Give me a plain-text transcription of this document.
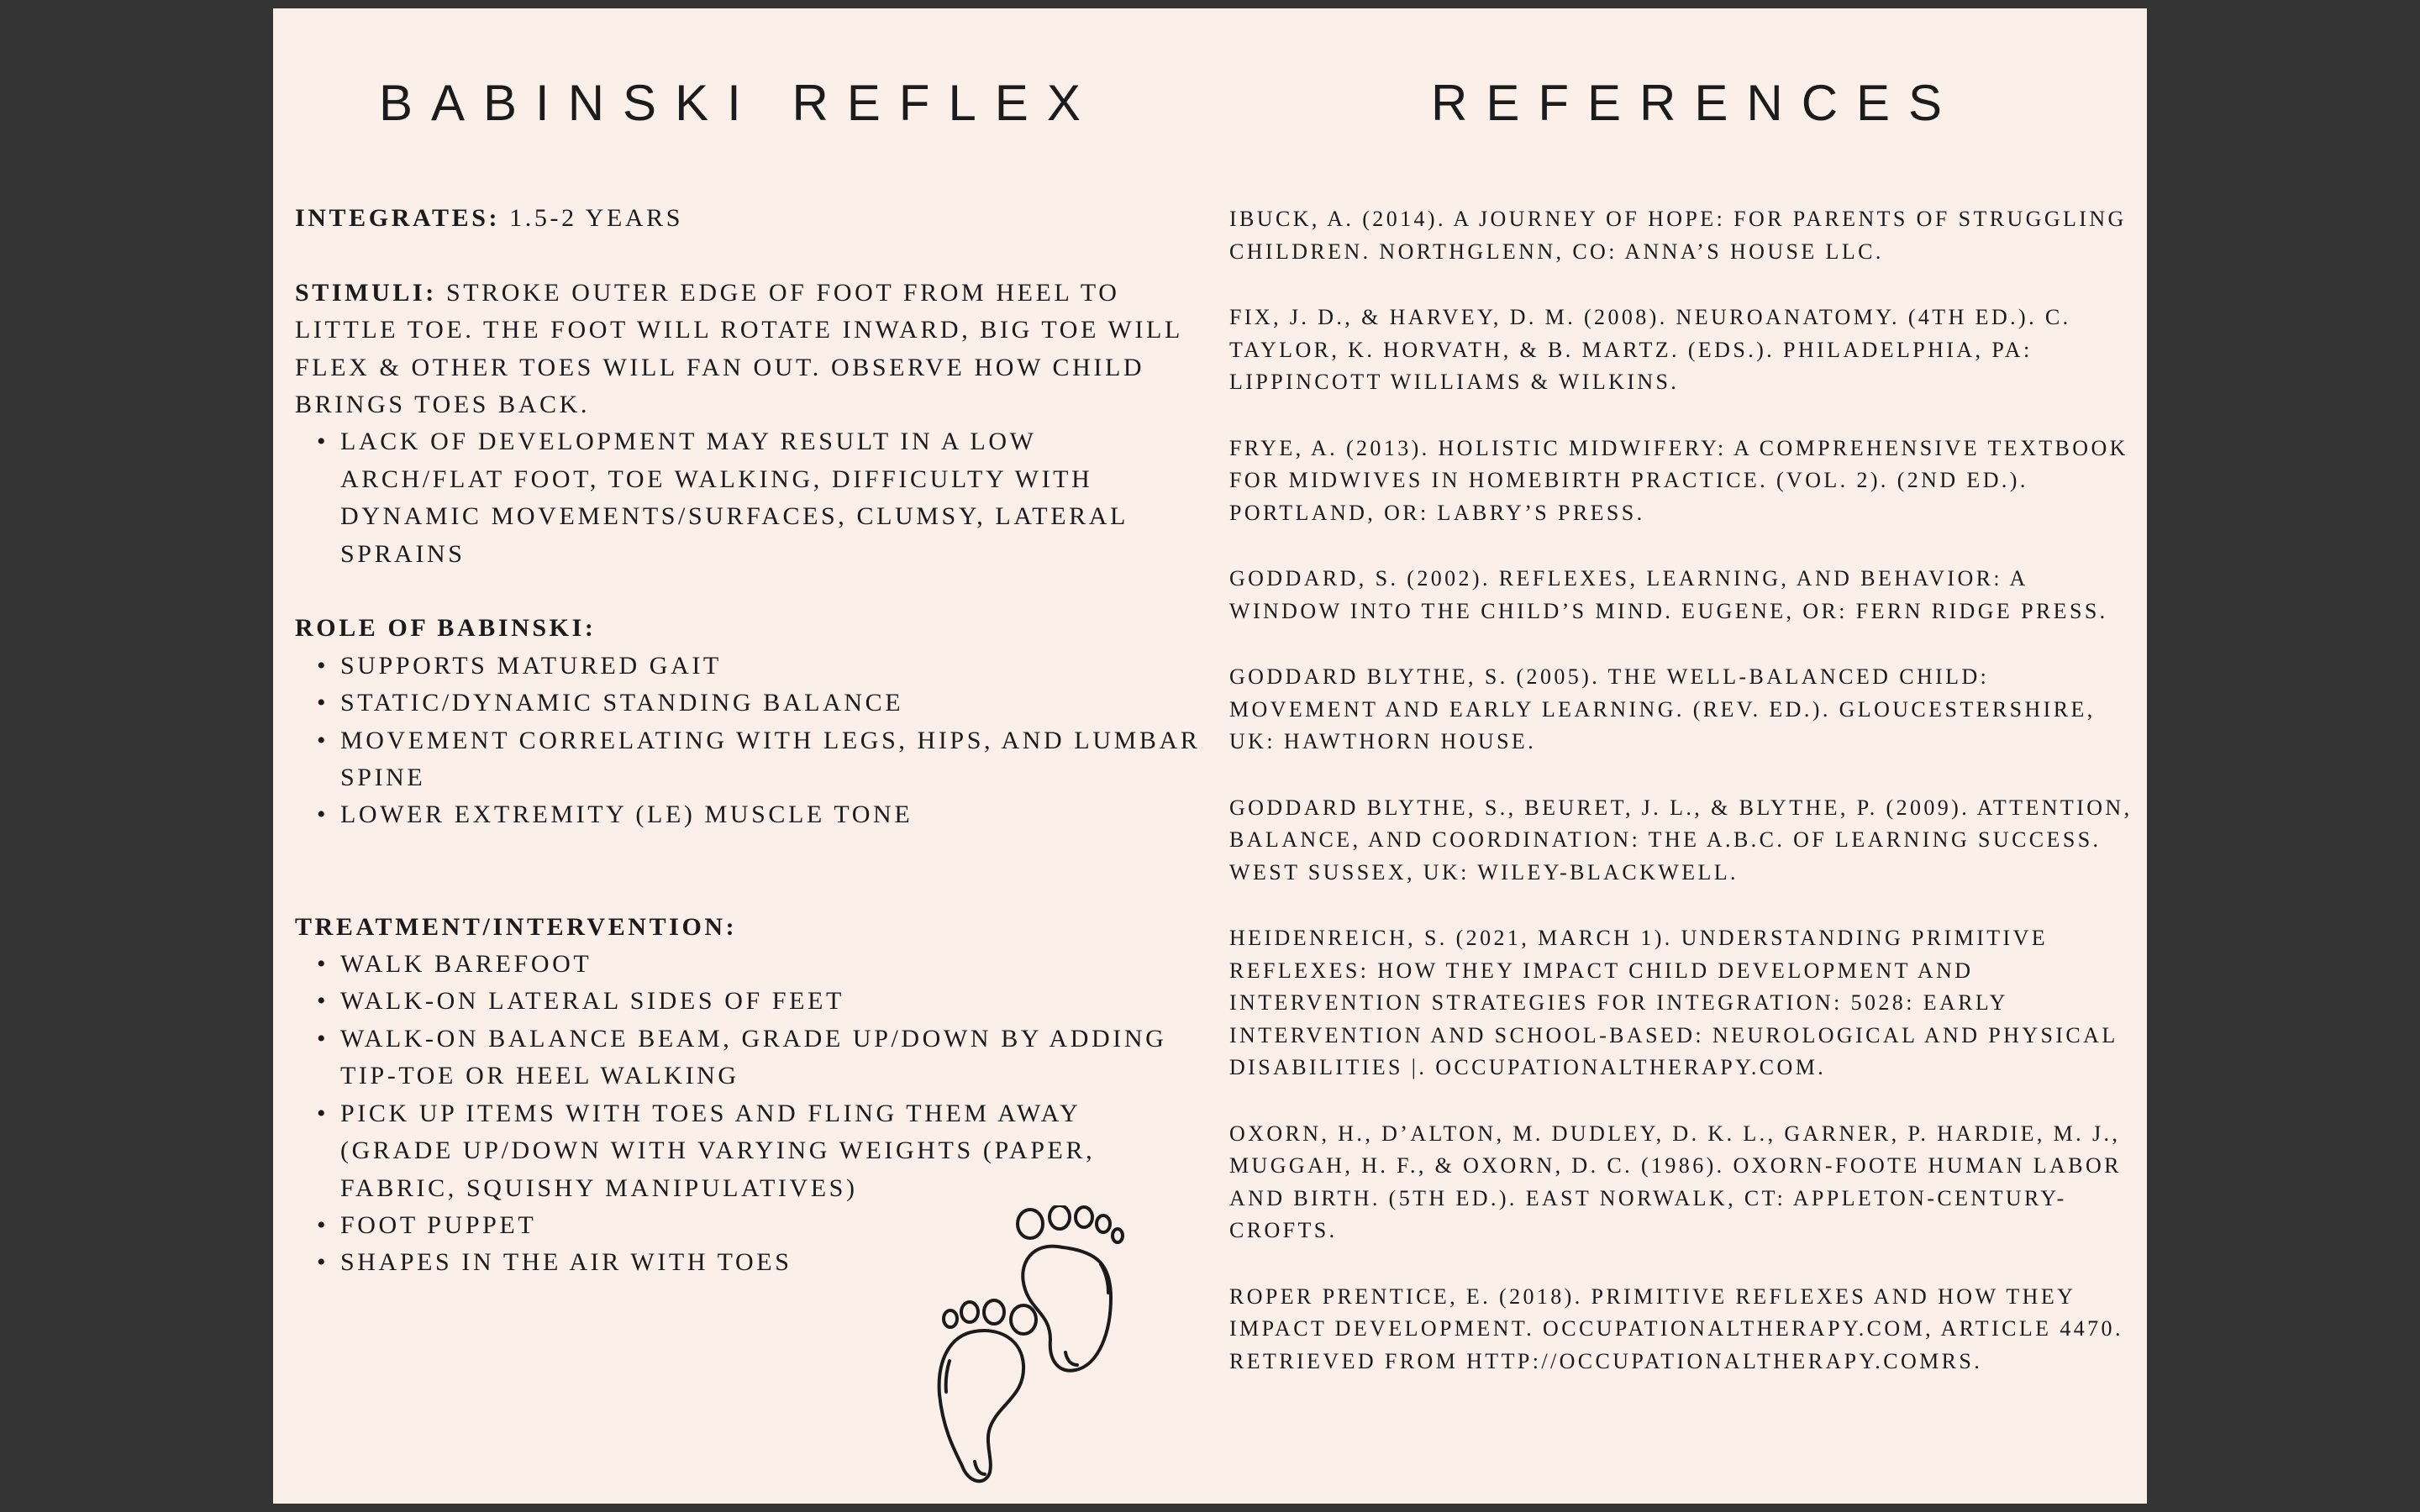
BABINSKI REFLEX	REFERENCES

INTEGRATES: 1.5-2 YEARS

STIMULI: STROKE OUTER EDGE OF FOOT FROM HEEL TO LITTLE TOE. THE FOOT WILL ROTATE INWARD, BIG TOE WILL FLEX & OTHER TOES WILL FAN OUT. OBSERVE HOW CHILD BRINGS TOES BACK.

• LACK OF DEVELOPMENT MAY RESULT IN A LOW ARCH/FLAT FOOT, TOE WALKING, DIFFICULTY WITH DYNAMIC MOVEMENTS/SURFACES, CLUMSY, LATERAL SPRAINS

ROLE OF BABINSKI:

• SUPPORTS MATURED GAIT
• STATIC/DYNAMIC STANDING BALANCE
• MOVEMENT CORRELATING WITH LEGS, HIPS, AND LUMBAR SPINE
• LOWER EXTREMITY (LE) MUSCLE TONE

TREATMENT/INTERVENTION:

• WALK BAREFOOT
• WALK-ON LATERAL SIDES OF FEET
• WALK-ON BALANCE BEAM, GRADE UP/DOWN BY ADDING TIP-TOE OR HEEL WALKING
• PICK UP ITEMS WITH TOES AND FLING THEM AWAY (GRADE UP/DOWN WITH VARYING WEIGHTS (PAPER, FABRIC, SQUISHY MANIPULATIVES)
• FOOT PUPPET
• SHAPES IN THE AIR WITH TOES

IBUCK, A. (2014). A JOURNEY OF HOPE: FOR PARENTS OF STRUGGLING CHILDREN. NORTHGLENN, CO: ANNA’S HOUSE LLC.

FIX, J. D., & HARVEY, D. M. (2008). NEUROANATOMY. (4TH ED.). C. TAYLOR, K. HORVATH, & B. MARTZ. (EDS.). PHILADELPHIA, PA: LIPPINCOTT WILLIAMS & WILKINS.

FRYE, A. (2013). HOLISTIC MIDWIFERY: A COMPREHENSIVE TEXTBOOK FOR MIDWIVES IN HOMEBIRTH PRACTICE. (VOL. 2). (2ND ED.). PORTLAND, OR: LABRY’S PRESS.

GODDARD, S. (2002). REFLEXES, LEARNING, AND BEHAVIOR: A WINDOW INTO THE CHILD’S MIND. EUGENE, OR: FERN RIDGE PRESS.

GODDARD BLYTHE, S. (2005). THE WELL-BALANCED CHILD: MOVEMENT AND EARLY LEARNING. (REV. ED.). GLOUCESTERSHIRE, UK: HAWTHORN HOUSE.

GODDARD BLYTHE, S., BEURET, J. L., & BLYTHE, P. (2009). ATTENTION, BALANCE, AND COORDINATION: THE A.B.C. OF LEARNING SUCCESS. WEST SUSSEX, UK: WILEY-BLACKWELL.

HEIDENREICH, S. (2021, MARCH 1). UNDERSTANDING PRIMITIVE REFLEXES: HOW THEY IMPACT CHILD DEVELOPMENT AND INTERVENTION STRATEGIES FOR INTEGRATION: 5028: EARLY INTERVENTION AND SCHOOL-BASED: NEUROLOGICAL AND PHYSICAL DISABILITIES |. OCCUPATIONALTHERAPY.COM.

OXORN, H., D’ALTON, M. DUDLEY, D. K. L., GARNER, P. HARDIE, M. J., MUGGAH, H. F., & OXORN, D. C. (1986). OXORN-FOOTE HUMAN LABOR AND BIRTH. (5TH ED.). EAST NORWALK, CT: APPLETON-CENTURY-CROFTS.

ROPER PRENTICE, E. (2018). PRIMITIVE REFLEXES AND HOW THEY IMPACT DEVELOPMENT. OCCUPATIONALTHERAPY.COM, ARTICLE 4470. RETRIEVED FROM HTTP://OCCUPATIONALTHERAPY.COMRS.
